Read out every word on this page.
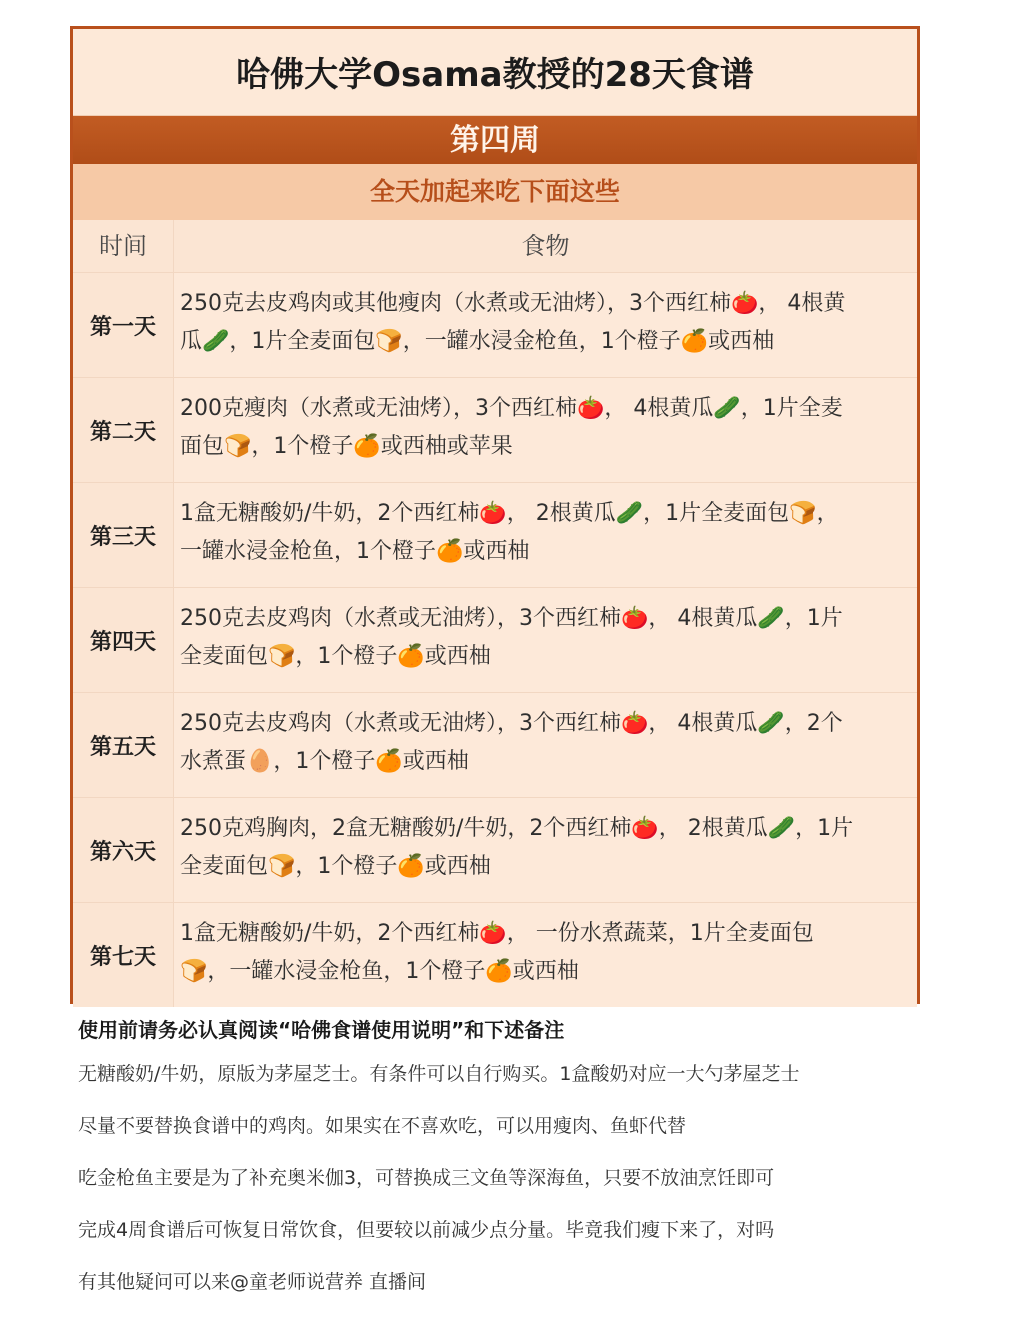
哈佛大学Osama教授的28天食谱
第四周
全天加起来吃下面这些
时间	食物
第一天
250克去皮鸡肉或其他瘦肉（水煮或无油烤），3个西红柿🍅， 4根黄
瓜🥒，1片全麦面包🍞，一罐水浸金枪鱼，1个橙子🍊或西柚
第二天
200克瘦肉（水煮或无油烤），3个西红柿🍅， 4根黄瓜🥒，1片全麦
面包🍞，1个橙子🍊或西柚或苹果
第三天
1盒无糖酸奶/牛奶，2个西红柿🍅， 2根黄瓜🥒，1片全麦面包🍞，
一罐水浸金枪鱼，1个橙子🍊或西柚
第四天
250克去皮鸡肉（水煮或无油烤），3个西红柿🍅， 4根黄瓜🥒，1片
全麦面包🍞，1个橙子🍊或西柚
第五天
250克去皮鸡肉（水煮或无油烤），3个西红柿🍅， 4根黄瓜🥒，2个
水煮蛋🥚，1个橙子🍊或西柚
第六天
250克鸡胸肉，2盒无糖酸奶/牛奶，2个西红柿🍅， 2根黄瓜🥒，1片
全麦面包🍞，1个橙子🍊或西柚
第七天
1盒无糖酸奶/牛奶，2个西红柿🍅， 一份水煮蔬菜，1片全麦面包
🍞，一罐水浸金枪鱼，1个橙子🍊或西柚
使用前请务必认真阅读“哈佛食谱使用说明”和下述备注
无糖酸奶/牛奶，原版为茅屋芝士。有条件可以自行购买。1盒酸奶对应一大勺茅屋芝士
尽量不要替换食谱中的鸡肉。如果实在不喜欢吃，可以用瘦肉、鱼虾代替
吃金枪鱼主要是为了补充奥米伽3，可替换成三文鱼等深海鱼，只要不放油烹饪即可
完成4周食谱后可恢复日常饮食，但要较以前减少点分量。毕竟我们瘦下来了，对吗
有其他疑问可以来@童老师说营养 直播间
